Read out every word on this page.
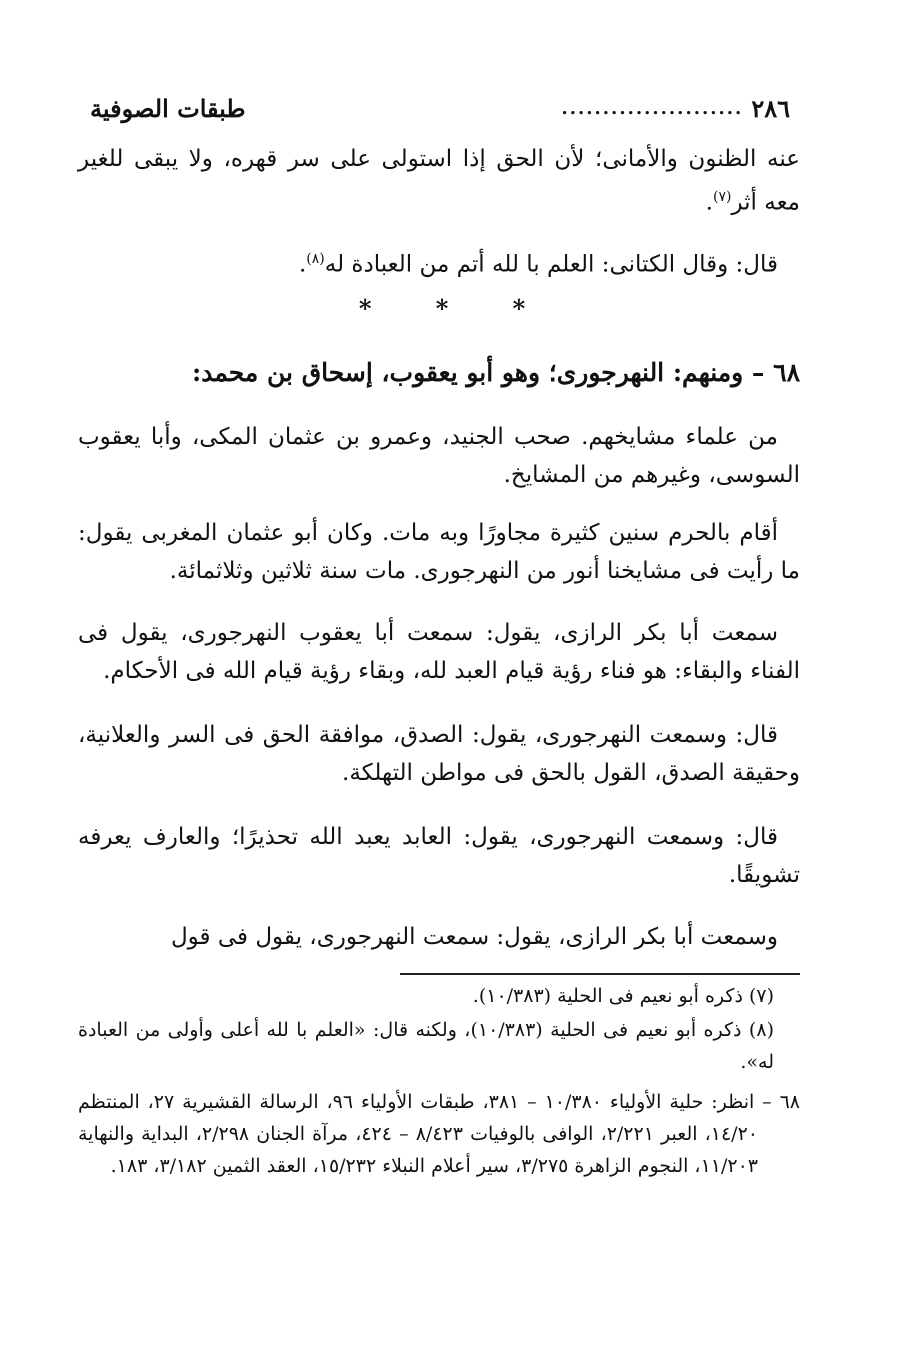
٢٨٦
......................
طبقات الصوفية
عنه الظنون والأمانى؛ لأن الحق إذا استولى على سر قهره، ولا يبقى للغير معه أثر$^{(٧)}$.
قال: وقال الكتانى: العلم با لله أتم من العبادة له$^{(٨)}$.
* * *
٦٨ – ومنهم: النهرجورى؛ وهو أبو يعقوب، إسحاق بن محمد:
من علماء مشايخهم. صحب الجنيد، وعمرو بن عثمان المكى، وأبا يعقوب السوسى، وغيرهم من المشايخ.
أقام بالحرم سنين كثيرة مجاورًا وبه مات. وكان أبو عثمان المغربى يقول: ما رأيت فى مشايخنا أنور من النهرجورى. مات سنة ثلاثين وثلاثمائة.
سمعت أبا بكر الرازى، يقول: سمعت أبا يعقوب النهرجورى، يقول فى الفناء والبقاء: هو فناء رؤية قيام العبد لله، وبقاء رؤية قيام الله فى الأحكام.
قال: وسمعت النهرجورى، يقول: الصدق، موافقة الحق فى السر والعلانية، وحقيقة الصدق، القول بالحق فى مواطن التهلكة.
قال: وسمعت النهرجورى، يقول: العابد يعبد الله تحذيرًا؛ والعارف يعرفه تشويقًا.
وسمعت أبا بكر الرازى، يقول: سمعت النهرجورى، يقول فى قول
(٧) ذكره أبو نعيم فى الحلية (١٠/٣٨٣).
(٨) ذكره أبو نعيم فى الحلية (١٠/٣٨٣)، ولكنه قال: «العلم با لله أعلى وأولى من العبادة له».
٦٨ – انظر: حلية الأولياء ١٠/٣٨٠ – ٣٨١، طبقات الأولياء ٩٦، الرسالة القشيرية ٢٧، المنتظم ١٤/٢٠، العبر ٢/٢٢١، الوافى بالوفيات ٨/٤٢٣ – ٤٢٤، مرآة الجنان ٢/٢٩٨، البداية والنهاية ١١/٢٠٣، النجوم الزاهرة ٣/٢٧٥، سير أعلام النبلاء ١٥/٢٣٢، العقد الثمين ٣/١٨٢، ١٨٣.
